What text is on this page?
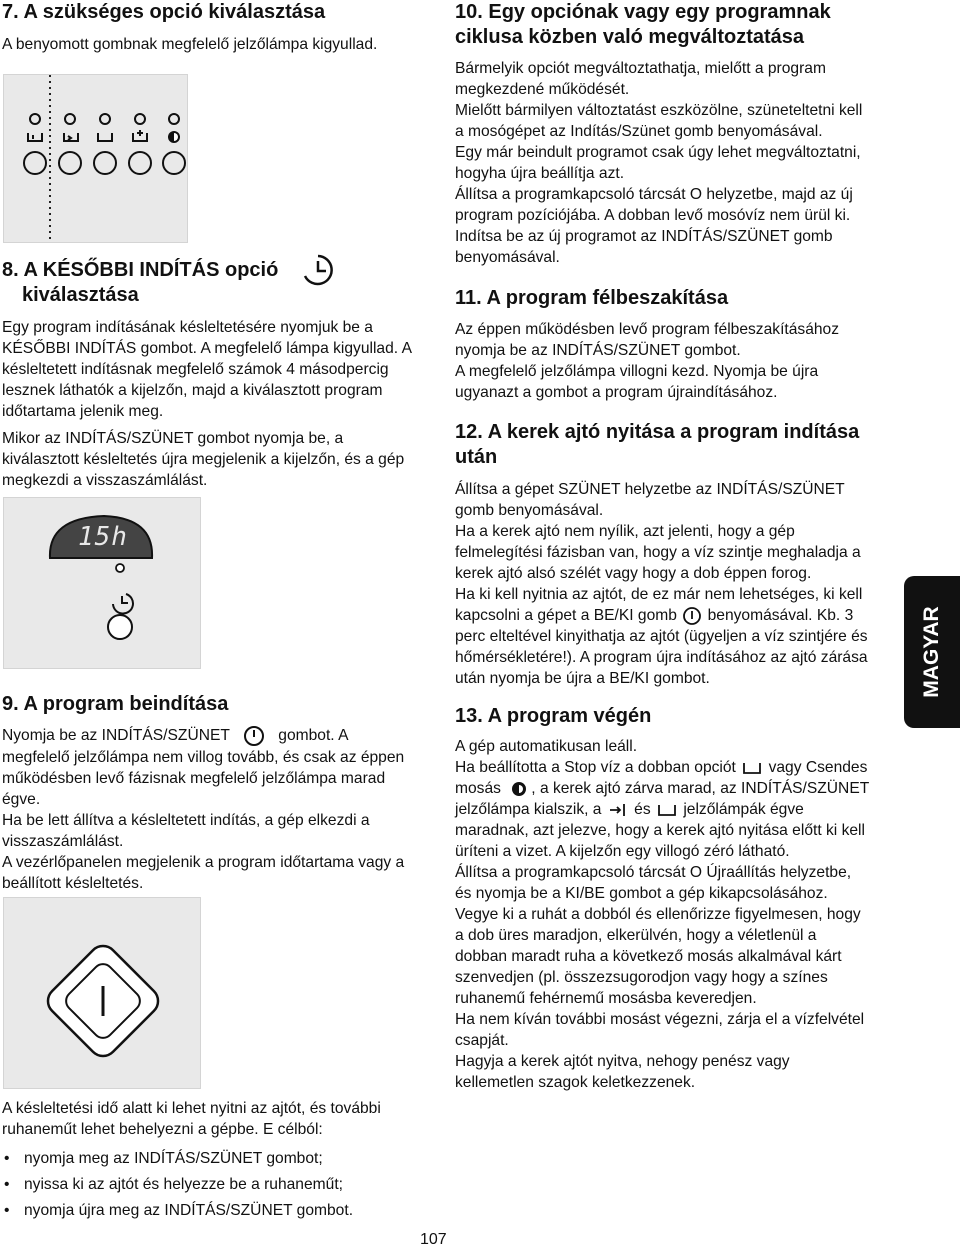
7. A szükséges opció kiválasztása

A benyomott gombnak megfelelő jelzőlámpa kigyullad.

8. A KÉSŐBBI INDÍTÁS opció
kiválasztása

Egy program indításának késleltetésére nyomjuk be a KÉSŐBBI INDÍTÁS gombot. A megfelelő lámpa kigyullad. A késleltetett indításnak megfelelő számok 4 másodpercig lesznek láthatók a kijelzőn, majd a kiválasztott program időtartama jelenik meg.

Mikor az INDÍTÁS/SZÜNET gombot nyomja be, a kiválasztott késleltetés újra megjelenik a kijelzőn, és a gép megkezdi a visszaszámlálást.

15h
9. A program beindítása

Nyomja be az INDÍTÁS/SZÜNET	gombot. A megfelelő jelzőlámpa nem villog tovább, és csak az éppen működésben levő fázisnak megfelelő jelzőlámpa marad égve.

Ha be lett állítva a késleltetett indítás, a gép elkezdi a visszaszámlálást.

A vezérlőpanelen megjelenik a program időtartama vagy a beállított késleltetés.

A késleltetési idő alatt ki lehet nyitni az ajtót, és további ruhaneműt lehet behelyezni a gépbe. E célból:

• nyomja meg az INDÍTÁS/SZÜNET gombot;
• nyissa ki az ajtót és helyezze be a ruhaneműt;
• nyomja újra meg az INDÍTÁS/SZÜNET gombot.
10. Egy opciónak vagy egy programnak ciklusa közben való megváltoztatása

Bármelyik opciót megváltoztathatja, mielőtt a program megkezdené működését.

Mielőtt bármilyen változtatást eszközölne, szüneteltetni kell a mosógépet az Indítás/Szünet gomb benyomásával.

Egy már beindult programot csak úgy lehet megváltoztatni, hogyha újra beállítja azt.

Állítsa a programkapcsoló tárcsát O helyzetbe, majd az új program pozíciójába. A dobban levő mosóvíz nem ürül ki. Indítsa be az új programot az INDÍTÁS/SZÜNET gomb benyomásával.

11. A program félbeszakítása

Az éppen működésben levő program félbeszakításához nyomja be az INDÍTÁS/SZÜNET gombot.

A megfelelő jelzőlámpa villogni kezd. Nyomja be újra ugyanazt a gombot a program újraindításához.

12. A kerek ajtó nyitása a program indítása után

Állítsa a gépet SZÜNET helyzetbe az INDÍTÁS/SZÜNET gomb benyomásával.

Ha a kerek ajtó nem nyílik, azt jelenti, hogy a gép felmelegítési fázisban van, hogy a víz szintje meghaladja a kerek ajtó alsó szélét vagy hogy a dob éppen forog.

Ha ki kell nyitnia az ajtót, de ez már nem lehetséges, ki kell kapcsolni a gépet a BE/KI gomb benyomásával. Kb. 3 perc elteltével kinyithatja az ajtót (ügyeljen a víz szintjére és hőmérsékletére!). A program újra indításához az ajtó zárása után nyomja be újra a BE/KI gombot.

13. A program végén

A gép automatikusan leáll.

Ha beállította a Stop víz a dobban opciót vagy Csendes mosás , a kerek ajtó zárva marad, az INDÍTÁS/SZÜNET jelzőlámpa kialszik, a és jelzőlámpák égve maradnak, azt jelezve, hogy a kerek ajtó nyitása előtt ki kell üríteni a vizet. A kijelzőn egy villogó zéró látható.

Állítsa a programkapcsoló tárcsát O Újraállítás helyzetbe, és nyomja be a KI/BE gombot a gép kikapcsolásához.

Vegye ki a ruhát a dobból és ellenőrizze figyelmesen, hogy a dob üres maradjon, elkerülvén, hogy a véletlenül a dobban maradt ruha a következő mosás alkalmával kárt szenvedjen (pl. összezsugorodjon vagy hogy a színes ruhanemű fehérnemű mosásba keveredjen.

Ha nem kíván további mosást végezni, zárja el a vízfelvétel csapját.

Hagyja a kerek ajtót nyitva, nehogy penész vagy kellemetlen szagok keletkezzenek.

MAGYAR
107
